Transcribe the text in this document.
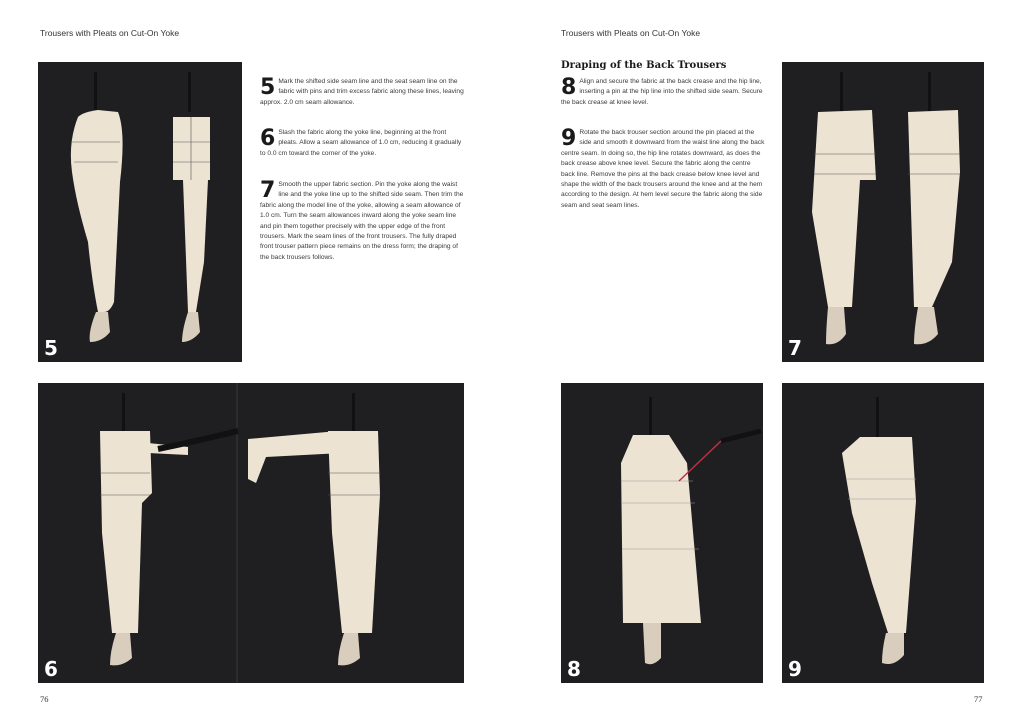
Trousers with Pleats on Cut-On Yoke
76
5
6
5 Mark the shifted side seam line and the seat seam line on the fabric with pins and trim excess fabric along these lines, leaving approx. 2.0 cm seam allowance.
6 Slash the fabric along the yoke line, beginning at the front pleats. Allow a seam allowance of 1.0 cm, reducing it gradually to 0.0 cm toward the corner of the yoke.
7 Smooth the upper fabric section. Pin the yoke along the waist line and the yoke line up to the shifted side seam. Then trim the fabric along the model line of the yoke, allowing a seam allowance of 1.0 cm. Turn the seam allowances inward along the yoke seam line and pin them together precisely with the upper edge of the front trousers. Mark the seam lines of the front trousers. The fully draped front trouser pattern piece remains on the dress form; the draping of the back trousers follows.
Trousers with Pleats on Cut-On Yoke
77
Draping of the Back Trousers
8 Align and secure the fabric at the back crease and the hip line, inserting a pin at the hip line into the shifted side seam. Secure the back crease at knee level.
9 Rotate the back trouser section around the pin placed at the side and smooth it downward from the waist line along the back centre seam. In doing so, the hip line rotates downward, as does the back crease above knee level. Secure the fabric along the centre back line. Remove the pins at the back crease below knee level and shape the width of the back trousers around the knee and at the hem according to the design. At hem level secure the fabric along the side seam and seat seam lines.
7
8	9
